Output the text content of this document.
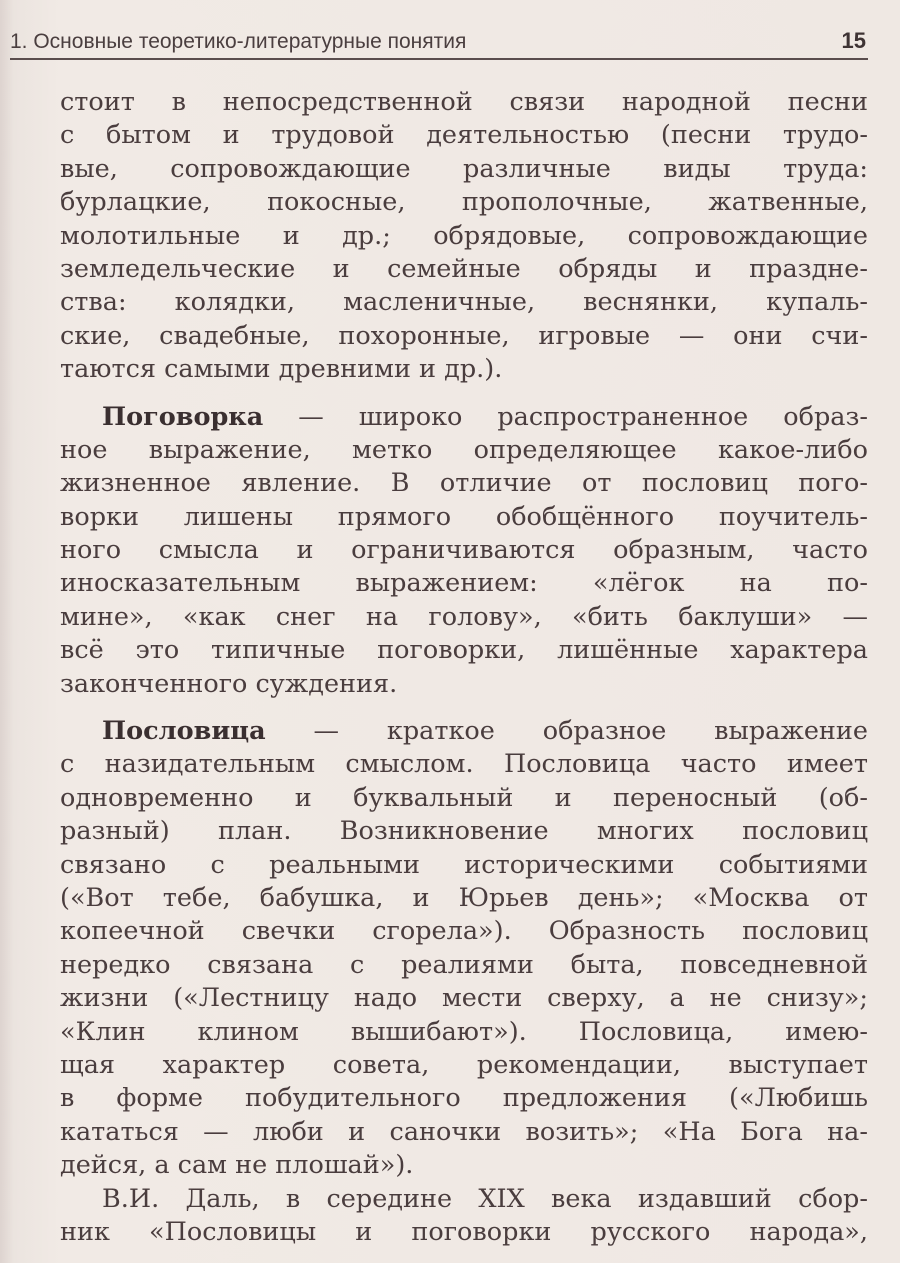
1. Основные теоретико-литературные понятия	15
стоит в непосредственной связи народной песни
с бытом и трудовой деятельностью (песни трудо-
вые, сопровождающие различные виды труда:
бурлацкие, покосные, прополочные, жатвенные,
молотильные и др.; обрядовые, сопровождающие
земледельческие и семейные обряды и праздне-
ства: колядки, масленичные, веснянки, купаль-
ские, свадебные, похоронные, игровые — они счи-
таются самыми древними и др.).
Поговорка — широко распространенное образ-
ное выражение, метко определяющее какое-либо
жизненное явление. В отличие от пословиц пого-
ворки лишены прямого обобщённого поучитель-
ного смысла и ограничиваются образным, часто
иносказательным выражением: «лёгок на по-
мине», «как снег на голову», «бить баклуши» —
всё это типичные поговорки, лишённые характера
законченного суждения.
Пословица — краткое образное выражение
с назидательным смыслом. Пословица часто имеет
одновременно и буквальный и переносный (об-
разный) план. Возникновение многих пословиц
связано с реальными историческими событиями
(«Вот тебе, бабушка, и Юрьев день»; «Москва от
копеечной свечки сгорела»). Образность пословиц
нередко связана с реалиями быта, повседневной
жизни («Лестницу надо мести сверху, а не снизу»;
«Клин клином вышибают»). Пословица, имею-
щая характер совета, рекомендации, выступает
в форме побудительного предложения («Любишь
кататься — люби и саночки возить»; «На Бога на-
дейся, а сам не плошай»).
В.И. Даль, в середине XIX века издавший сбор-
ник «Пословицы и поговорки русского народа»,
